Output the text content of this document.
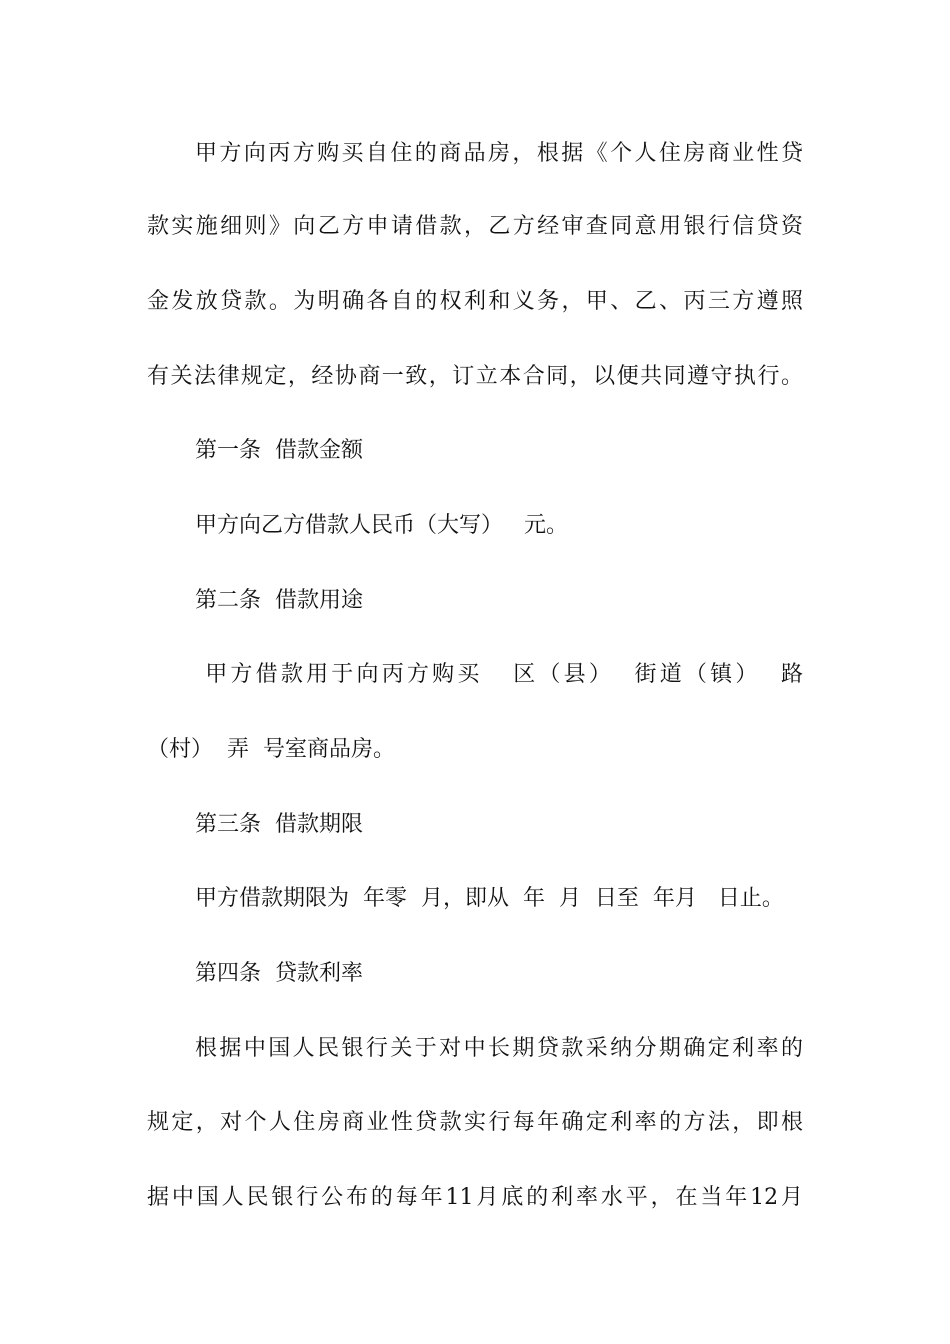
甲方向丙方购买自住的商品房，根据《个人住房商业性贷
款实施细则》向乙方申请借款，乙方经审查同意用银行信贷资
金发放贷款。为明确各自的权利和义务，甲、乙、丙三方遵照
有关法律规定，经协商一致，订立本合同，以便共同遵守执行。
第一条  借款金额
甲方向乙方借款人民币（大写）   元。
第二条  借款用途
甲方借款用于向丙方购买   区（县）  街道（镇）  路
（村）  弄  号室商品房。
第三条  借款期限
甲方借款期限为  年零  月，即从  年  月  日至  年月   日止。
第四条  贷款利率
根据中国人民银行关于对中长期贷款采纳分期确定利率的
规定，对个人住房商业性贷款实行每年确定利率的方法，即根
据中国人民银行公布的每年11月底的利率水平，在当年12月
